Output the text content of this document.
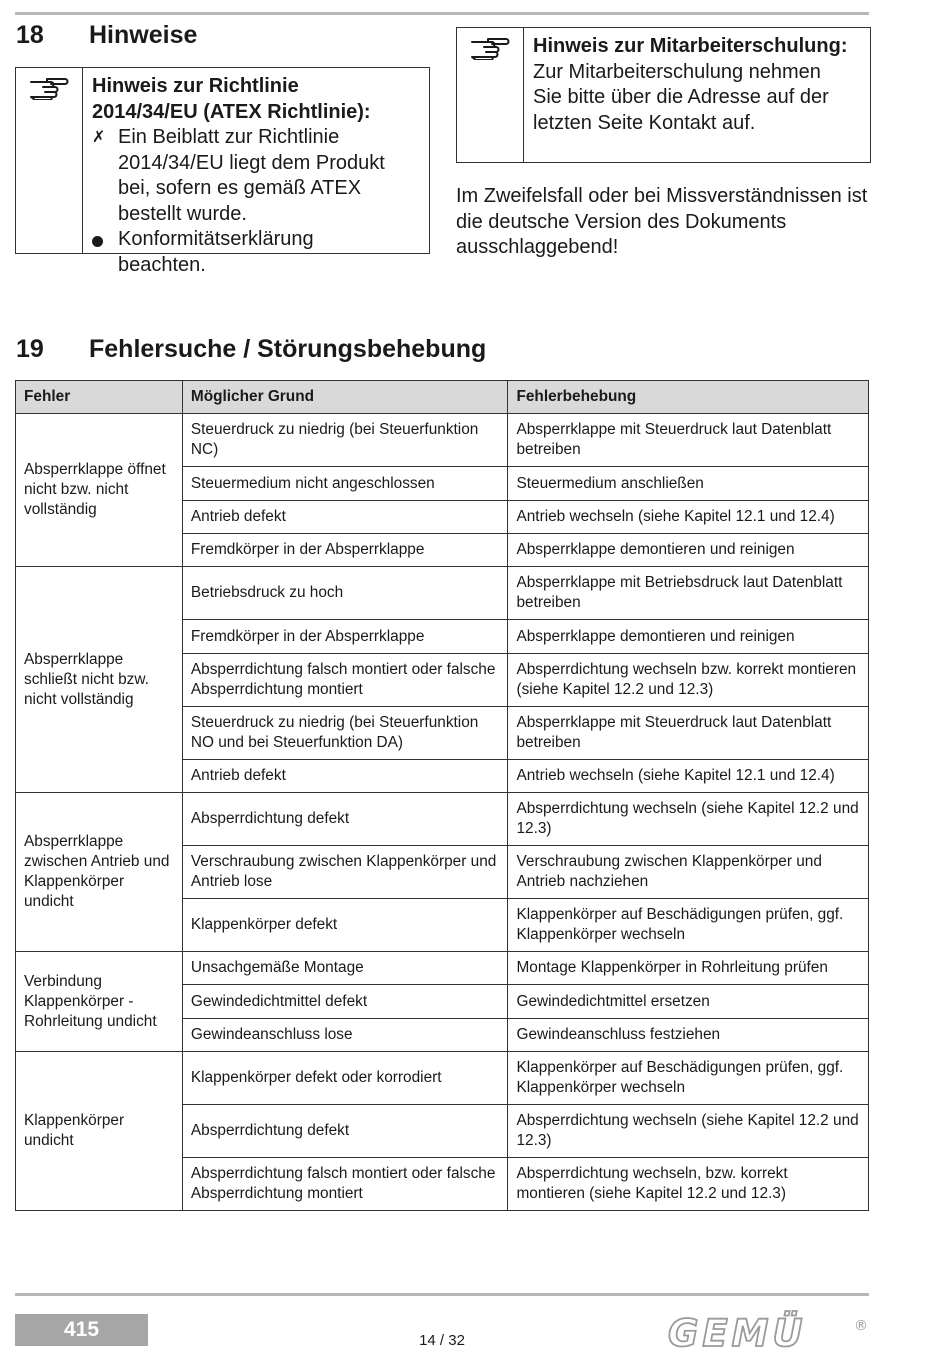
18 Hinweise
Hinweis zur Richtlinie 2014/34/EU (ATEX Richtlinie):
✗ Ein Beiblatt zur Richtlinie 2014/34/EU liegt dem Produkt bei, sofern es gemäß ATEX bestellt wurde.
Konformitätserklärung beachten.
Hinweis zur Mitarbeiterschulung:
Zur Mitarbeiterschulung nehmen Sie bitte über die Adresse auf der letzten Seite Kontakt auf.
Im Zweifelsfall oder bei Missverständnissen ist die deutsche Version des Dokuments ausschlaggebend!
19 Fehlersuche / Störungsbehebung
Fehler	Möglicher Grund	Fehlerbehebung
Absperrklappe öffnet nicht bzw. nicht vollständig	Steuerdruck zu niedrig (bei Steuerfunktion NC)	Absperrklappe mit Steuerdruck laut Datenblatt betreiben
	Steuermedium nicht angeschlossen	Steuermedium anschließen
	Antrieb defekt	Antrieb wechseln (siehe Kapitel 12.1 und 12.4)
	Fremdkörper in der Absperrklappe	Absperrklappe demontieren und reinigen
Absperrklappe schließt nicht bzw. nicht vollständig	Betriebsdruck zu hoch	Absperrklappe mit Betriebsdruck laut Datenblatt betreiben
	Fremdkörper in der Absperrklappe	Absperrklappe demontieren und reinigen
	Absperrdichtung falsch montiert oder falsche Absperrdichtung montiert	Absperrdichtung wechseln bzw. korrekt montieren (siehe Kapitel 12.2 und 12.3)
	Steuerdruck zu niedrig (bei Steuerfunktion NO und bei Steuerfunktion DA)	Absperrklappe mit Steuerdruck laut Datenblatt betreiben
	Antrieb defekt	Antrieb wechseln (siehe Kapitel 12.1 und 12.4)
Absperrklappe zwischen Antrieb und Klappenkörper undicht	Absperrdichtung defekt	Absperrdichtung wechseln (siehe Kapitel 12.2 und 12.3)
	Verschraubung zwischen Klappenkörper und Antrieb lose	Verschraubung zwischen Klappenkörper und Antrieb nachziehen
	Klappenkörper defekt	Klappenkörper auf Beschädigungen prüfen, ggf. Klappenkörper wechseln
Verbindung Klappenkörper - Rohrleitung undicht	Unsachgemäße Montage	Montage Klappenkörper in Rohrleitung prüfen
	Gewindedichtmittel defekt	Gewindedichtmittel ersetzen
	Gewindeanschluss lose	Gewindeanschluss festziehen
Klappenkörper undicht	Klappenkörper defekt oder korrodiert	Klappenkörper auf Beschädigungen prüfen, ggf. Klappenkörper wechseln
	Absperrdichtung defekt	Absperrdichtung wechseln (siehe Kapitel 12.2 und 12.3)
	Absperrdichtung falsch montiert oder falsche Absperrdichtung montiert	Absperrdichtung wechseln, bzw. korrekt montieren (siehe Kapitel 12.2 und 12.3)
415	14 / 32	GEMÜ	®
